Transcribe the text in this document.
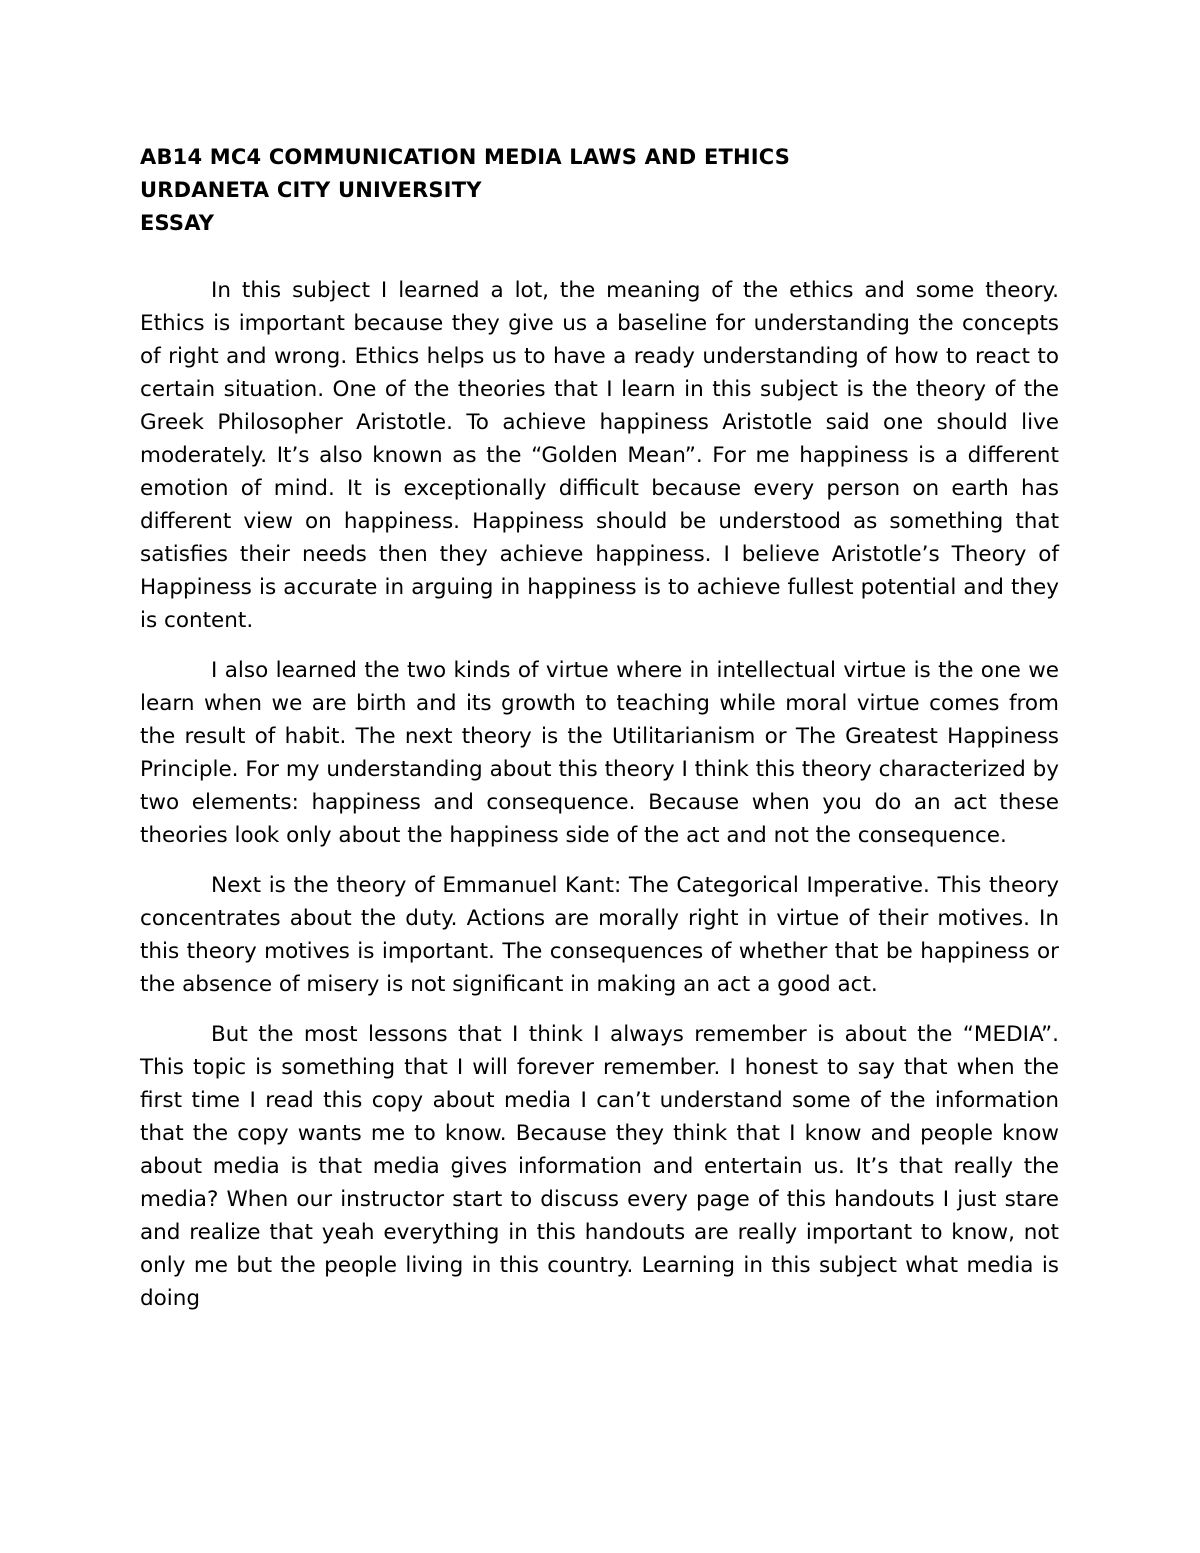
AB14 MC4 COMMUNICATION MEDIA LAWS AND ETHICS

URDANETA CITY UNIVERSITY

ESSAY

In this subject I learned a lot, the meaning of the ethics and some theory. Ethics is important because they give us a baseline for understanding the concepts of right and wrong. Ethics helps us to have a ready understanding of how to react to certain situation. One of the theories that I learn in this subject is the theory of the Greek Philosopher Aristotle. To achieve happiness Aristotle said one should live moderately. It’s also known as the “Golden Mean”. For me happiness is a different emotion of mind. It is exceptionally difficult because every person on earth has different view on happiness. Happiness should be understood as something that satisfies their needs then they achieve happiness. I believe Aristotle’s Theory of Happiness is accurate in arguing in happiness is to achieve fullest potential and they is content.

I also learned the two kinds of virtue where in intellectual virtue is the one we learn when we are birth and its growth to teaching while moral virtue comes from the result of habit. The next theory is the Utilitarianism or The Greatest Happiness Principle. For my understanding about this theory I think this theory characterized by two elements: happiness and consequence. Because when you do an act these theories look only about the happiness side of the act and not the consequence.

Next is the theory of Emmanuel Kant: The Categorical Imperative. This theory concentrates about the duty. Actions are morally right in virtue of their motives. In this theory motives is important. The consequences of whether that be happiness or the absence of misery is not significant in making an act a good act.

But the most lessons that I think I always remember is about the “MEDIA”. This topic is something that I will forever remember. I honest to say that when the first time I read this copy about media I can’t understand some of the information that the copy wants me to know. Because they think that I know and people know about media is that media gives information and entertain us. It’s that really the media? When our instructor start to discuss every page of this handouts I just stare and realize that yeah everything in this handouts are really important to know, not only me but the people living in this country. Learning in this subject what media is doing
